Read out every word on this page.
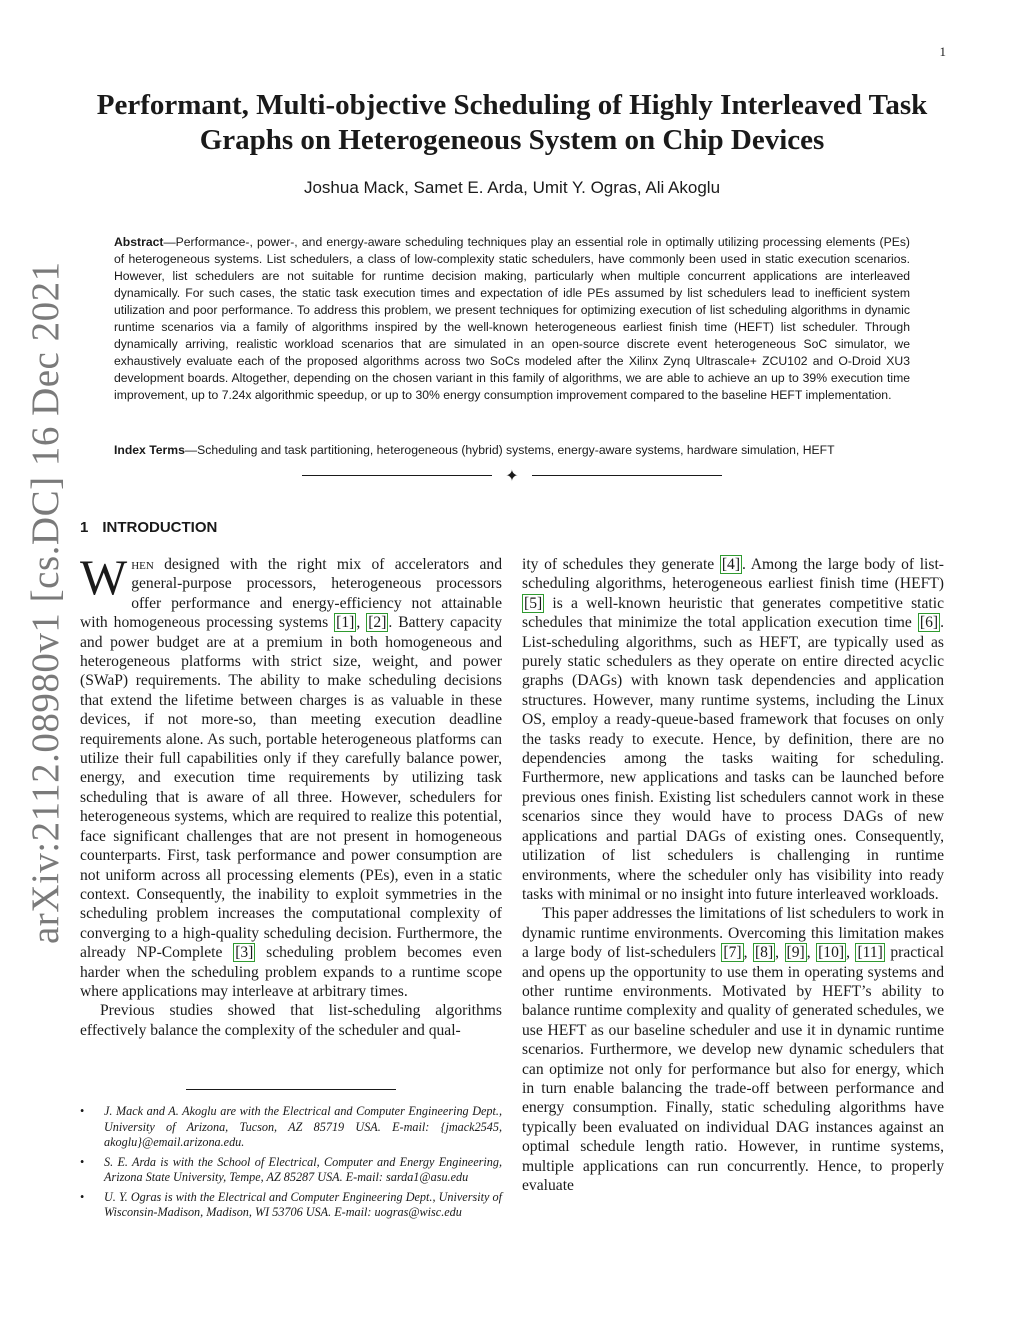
1
arXiv:2112.08980v1 [cs.DC] 16 Dec 2021
Performant, Multi-objective Scheduling of Highly Interleaved Task Graphs on Heterogeneous System on Chip Devices
Joshua Mack, Samet E. Arda, Umit Y. Ogras, Ali Akoglu

Abstract—Performance-, power-, and energy-aware scheduling techniques play an essential role in optimally utilizing processing elements (PEs) of heterogeneous systems. List schedulers, a class of low-complexity static schedulers, have commonly been used in static execution scenarios. However, list schedulers are not suitable for runtime decision making, particularly when multiple concurrent applications are interleaved dynamically. For such cases, the static task execution times and expectation of idle PEs assumed by list schedulers lead to inefficient system utilization and poor performance. To address this problem, we present techniques for optimizing execution of list scheduling algorithms in dynamic runtime scenarios via a family of algorithms inspired by the well-known heterogeneous earliest finish time (HEFT) list scheduler. Through dynamically arriving, realistic workload scenarios that are simulated in an open-source discrete event heterogeneous SoC simulator, we exhaustively evaluate each of the proposed algorithms across two SoCs modeled after the Xilinx Zynq Ultrascale+ ZCU102 and O-Droid XU3 development boards. Altogether, depending on the chosen variant in this family of algorithms, we are able to achieve an up to 39% execution time improvement, up to 7.24x algorithmic speedup, or up to 30% energy consumption improvement compared to the baseline HEFT implementation.

Index Terms—Scheduling and task partitioning, heterogeneous (hybrid) systems, energy-aware systems, hardware simulation, HEFT

✦
1 INTRODUCTION

When designed with the right mix of accelerators and general-purpose processors, heterogeneous processors offer performance and energy-efficiency not attainable with homogeneous processing systems [1] , [2] . Battery capacity and power budget are at a premium in both homogeneous and heterogeneous platforms with strict size, weight, and power (SWaP) requirements. The ability to make scheduling decisions that extend the lifetime between charges is as valuable in these devices, if not more-so, than meeting execution deadline requirements alone. As such, portable heterogeneous platforms can utilize their full capabilities only if they carefully balance power, energy, and execution time requirements by utilizing task scheduling that is aware of all three. However, schedulers for heterogeneous systems, which are required to realize this potential, face significant challenges that are not present in homogeneous counterparts. First, task performance and power consumption are not uniform across all processing elements (PEs), even in a static context. Consequently, the inability to exploit symmetries in the scheduling problem increases the computational complexity of converging to a high-quality scheduling decision. Furthermore, the already NP-Complete [3] scheduling problem becomes even harder when the scheduling problem expands to a runtime scope where applications may interleave at arbitrary times.

Previous studies showed that list-scheduling algorithms effectively balance the complexity of the scheduler and qual-

• J. Mack and A. Akoglu are with the Electrical and Computer Engineering Dept., University of Arizona, Tucson, AZ 85719 USA. E-mail: {jmack2545, akoglu}@email.arizona.edu.
• S. E. Arda is with the School of Electrical, Computer and Energy Engineering, Arizona State University, Tempe, AZ 85287 USA. E-mail: sarda1@asu.edu
• U. Y. Ogras is with the Electrical and Computer Engineering Dept., University of Wisconsin-Madison, Madison, WI 53706 USA. E-mail: uogras@wisc.edu

ity of schedules they generate [4] . Among the large body of list-scheduling algorithms, heterogeneous earliest finish time (HEFT) [5] is a well-known heuristic that generates competitive static schedules that minimize the total application execution time [6] . List-scheduling algorithms, such as HEFT, are typically used as purely static schedulers as they operate on entire directed acyclic graphs (DAGs) with known task dependencies and application structures. However, many runtime systems, including the Linux OS, employ a ready-queue-based framework that focuses on only the tasks ready to execute. Hence, by definition, there are no dependencies among the tasks waiting for scheduling. Furthermore, new applications and tasks can be launched before previous ones finish. Existing list schedulers cannot work in these scenarios since they would have to process DAGs of new applications and partial DAGs of existing ones. Consequently, utilization of list schedulers is challenging in runtime environments, where the scheduler only has visibility into ready tasks with minimal or no insight into future interleaved workloads.

This paper addresses the limitations of list schedulers to work in dynamic runtime environments. Overcoming this limitation makes a large body of list-schedulers [7] , [8] , [9] , [10] , [11] practical and opens up the opportunity to use them in operating systems and other runtime environments. Motivated by HEFT’s ability to balance runtime complexity and quality of generated schedules, we use HEFT as our baseline scheduler and use it in dynamic runtime scenarios. Furthermore, we develop new dynamic schedulers that can optimize not only for performance but also for energy, which in turn enable balancing the trade-off between performance and energy consumption. Finally, static scheduling algorithms have typically been evaluated on individual DAG instances against an optimal schedule length ratio. However, in runtime systems, multiple applications can run concurrently. Hence, to properly evaluate
